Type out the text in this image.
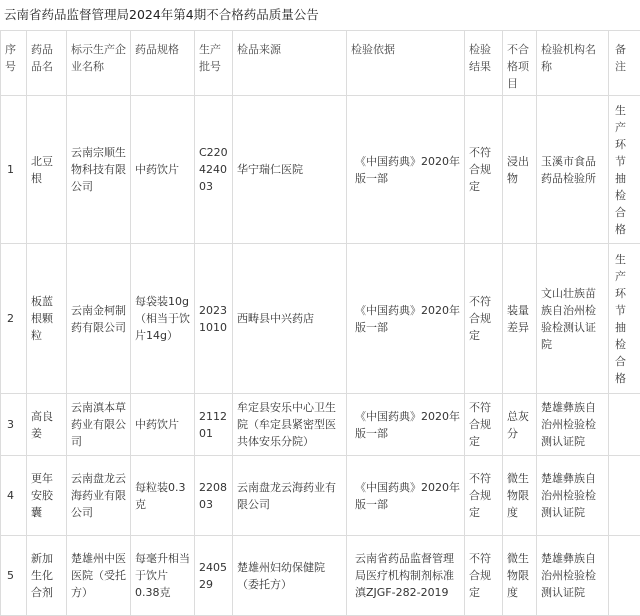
云南省药品监督管理局2024年第4期不合格药品质量公告
序号	药品品名	标示生产企业名称	药品规格	生产批号	检品来源	检验依据	检验结果	不合格项目	检验机构名称	备注
1	北豆根	云南宗顺生物科技有限公司	中药饮片	C220424003	华宁瑞仁医院	《中国药典》2020年版一部	不符合规定	浸出物	玉溪市食品药品检验所	生产环节抽检合格
2	板蓝根颗粒	云南金柯制药有限公司	每袋装10g（相当于饮片14g）	20231010	西畴县中兴药店	《中国药典》2020年版一部	不符合规定	装量差异	文山壮族苗族自治州检验检测认证院	生产环节抽检合格
3	高良姜	云南滇本草药业有限公司	中药饮片	211201	牟定县安乐中心卫生院（牟定县紧密型医共体安乐分院）	《中国药典》2020年版一部	不符合规定	总灰分	楚雄彝族自治州检验检测认证院	
4	更年安胶囊	云南盘龙云海药业有限公司	每粒装0.3克	220803	云南盘龙云海药业有限公司	《中国药典》2020年版一部	不符合规定	微生物限度	楚雄彝族自治州检验检测认证院	
5	新加生化合剂	楚雄州中医医院（受托方）	每毫升相当于饮片0.38克	240529	楚雄州妇幼保健院（委托方）	云南省药品监督管理局医疗机构制剂标准滇ZJGF-282-2019	不符合规定	微生物限度	楚雄彝族自治州检验检测认证院	
